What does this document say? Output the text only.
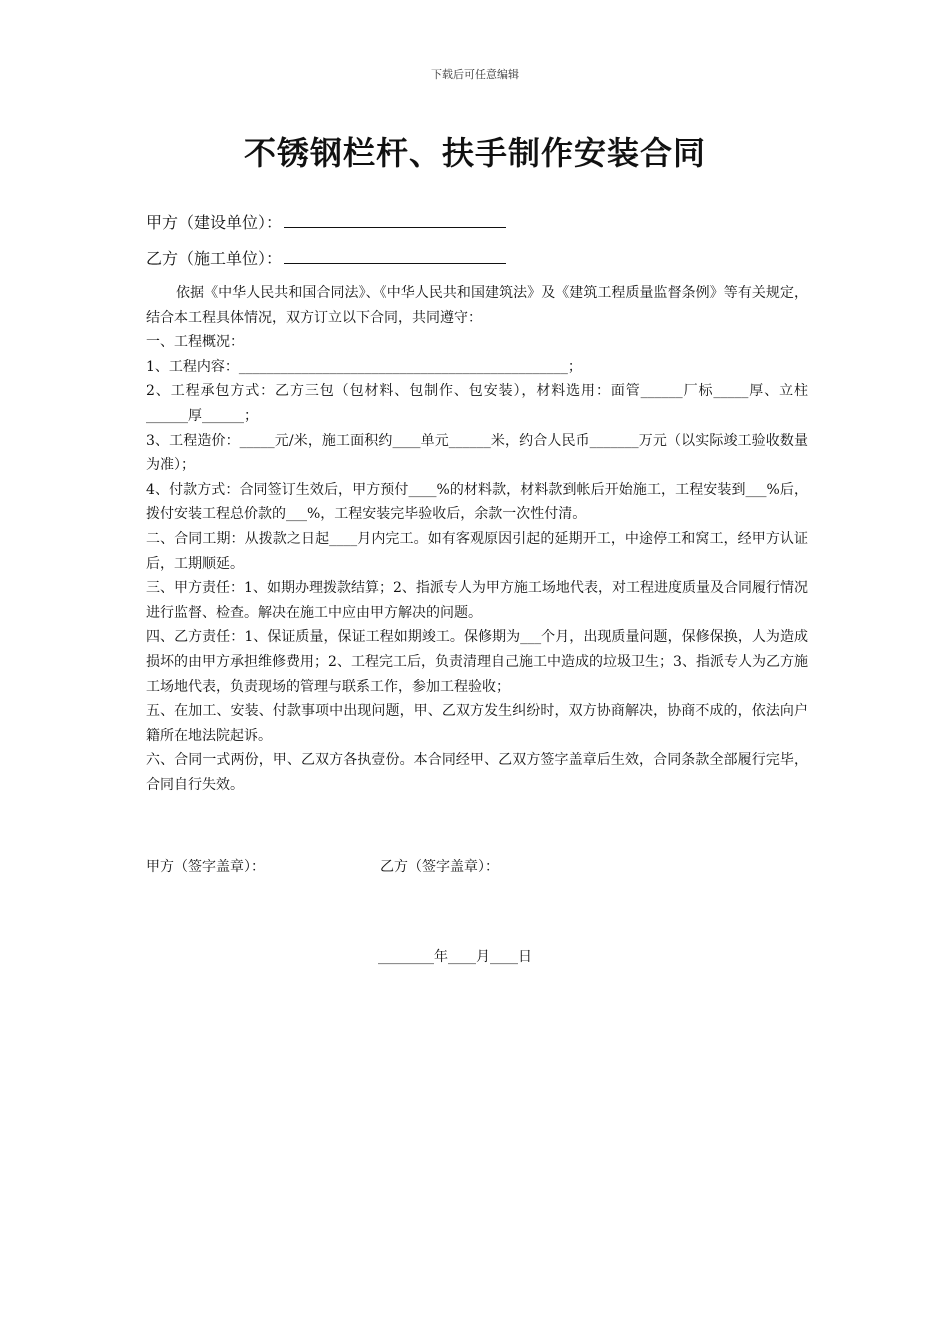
下载后可任意编辑
不锈钢栏杆、扶手制作安装合同
甲方（建设单位）：
乙方（施工单位）：

依据《中华人民共和国合同法》、《中华人民共和国建筑法》及《建筑工程质量监督条例》等有关规定，结合本工程具体情况，双方订立以下合同，共同遵守：

一、工程概况：

1、工程内容：_______________________________________________；

2、工程承包方式：乙方三包（包材料、包制作、包安装），材料选用：面管______厂标_____厚、立柱______厚______；

3、工程造价：_____元/米，施工面积约____单元______米，约合人民币_______万元（以实际竣工验收数量为准）；

4、付款方式：合同签订生效后，甲方预付____%的材料款，材料款到帐后开始施工，工程安装到___%后，拨付安装工程总价款的___%，工程安装完毕验收后，余款一次性付清。

二、合同工期：从拨款之日起____月内完工。如有客观原因引起的延期开工，中途停工和窝工，经甲方认证后，工期顺延。

三、甲方责任：1、如期办理拨款结算；2、指派专人为甲方施工场地代表，对工程进度质量及合同履行情况进行监督、检查。解决在施工中应由甲方解决的问题。

四、乙方责任：1、保证质量，保证工程如期竣工。保修期为___个月，出现质量问题，保修保换，人为造成损坏的由甲方承担维修费用；2、工程完工后，负责清理自己施工中造成的垃圾卫生；3、指派专人为乙方施工场地代表，负责现场的管理与联系工作，参加工程验收；

五、在加工、安装、付款事项中出现问题，甲、乙双方发生纠纷时，双方协商解决，协商不成的，依法向户籍所在地法院起诉。

六、合同一式两份，甲、乙双方各执壹份。本合同经甲、乙双方签字盖章后生效，合同条款全部履行完毕，合同自行失效。

甲方（签字盖章）：	乙方（签字盖章）：
________年____月____日
